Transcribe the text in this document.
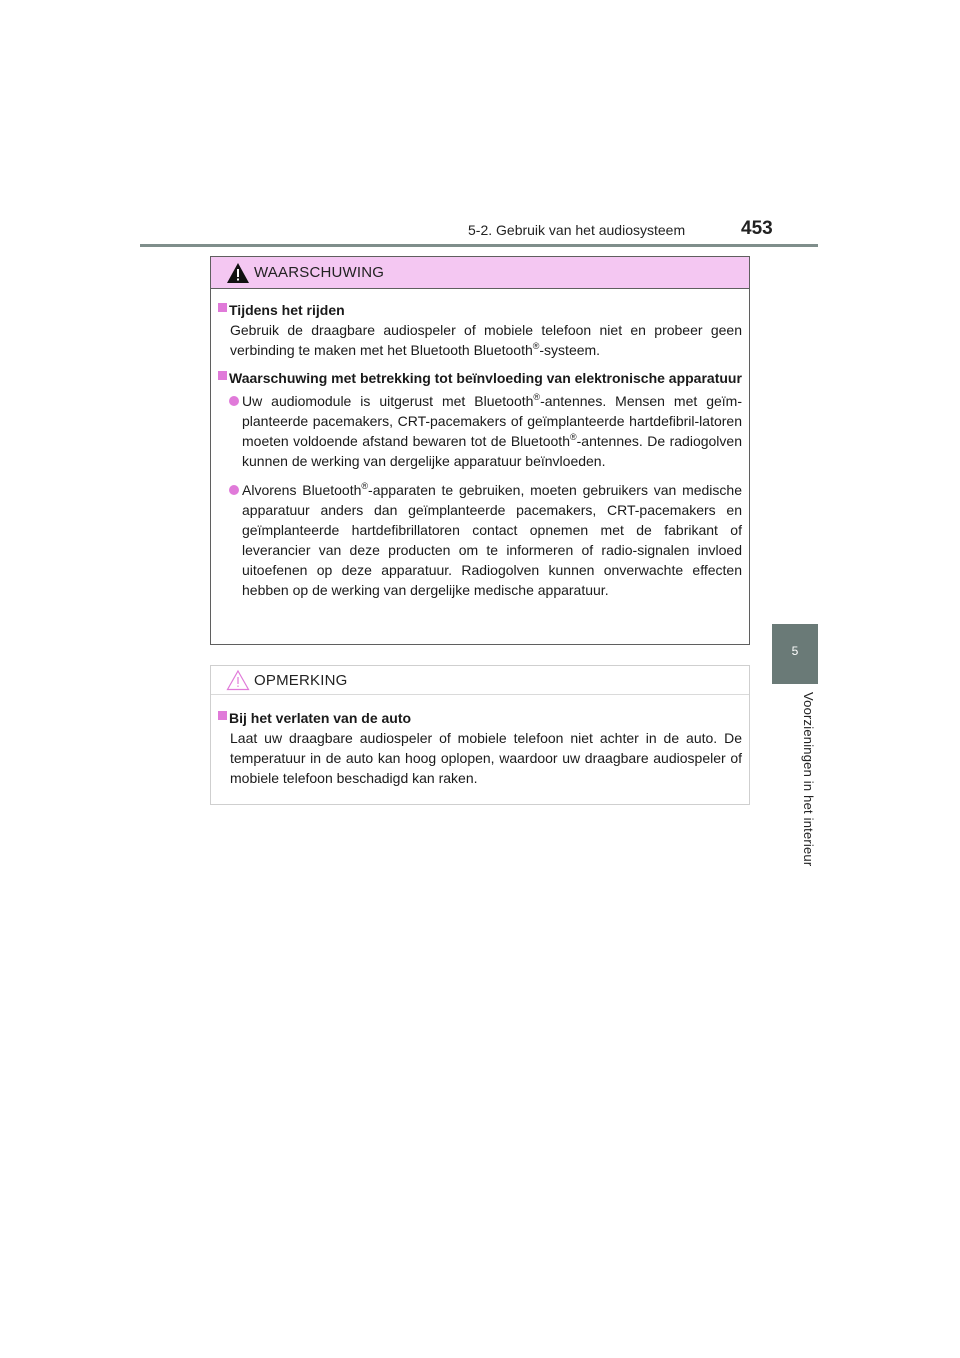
5-2. Gebruik van het audiosysteem	453
5
Voorzieningen in het interieur
WAARSCHUWING

Tijdens het rijden

Gebruik de draagbare audiospeler of mobiele telefoon niet en probeer geen verbinding te maken met het Bluetooth Bluetooth®-systeem.

Waarschuwing met betrekking tot beïnvloeding van elektronische apparatuur

Uw audiomodule is uitgerust met Bluetooth®-antennes. Mensen met geïm-planteerde pacemakers, CRT-pacemakers of geïmplanteerde hartdefibril-latoren moeten voldoende afstand bewaren tot de Bluetooth®-antennes. De radiogolven kunnen de werking van dergelijke apparatuur beïnvloeden.

Alvorens Bluetooth®-apparaten te gebruiken, moeten gebruikers van medische apparatuur anders dan geïmplanteerde pacemakers, CRT-pacemakers en geïmplanteerde hartdefibrillatoren contact opnemen met de fabrikant of leverancier van deze producten om te informeren of radio-signalen invloed uitoefenen op deze apparatuur. Radiogolven kunnen onverwachte effecten hebben op de werking van dergelijke medische apparatuur.

OPMERKING

Bij het verlaten van de auto

Laat uw draagbare audiospeler of mobiele telefoon niet achter in de auto. De temperatuur in de auto kan hoog oplopen, waardoor uw draagbare audiospeler of mobiele telefoon beschadigd kan raken.
